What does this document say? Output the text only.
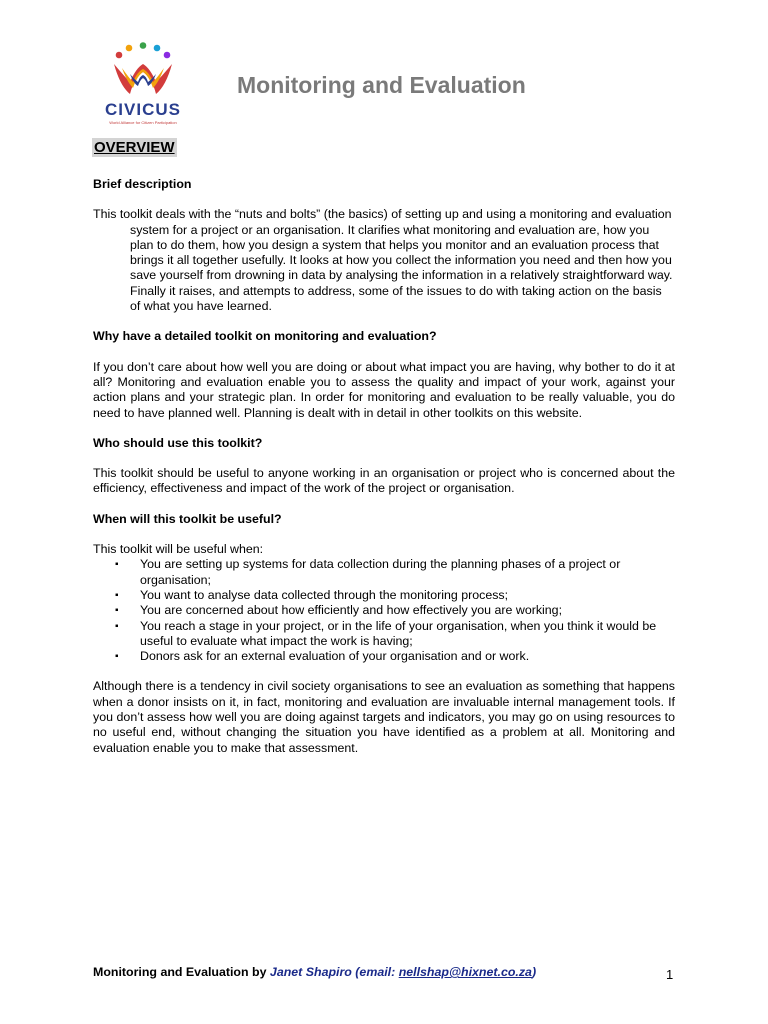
CIVICUS
World Alliance for Citizen Participation
Monitoring and Evaluation
OVERVIEW
Brief description

This toolkit deals with the “nuts and bolts” (the basics) of setting up and using a monitoring and evaluation system for a project or an organisation. It clarifies what monitoring and evaluation are, how you plan to do them, how you design a system that helps you monitor and an evaluation process that brings it all together usefully. It looks at how you collect the information you need and then how you save yourself from drowning in data by analysing the information in a relatively straightforward way. Finally it raises, and attempts to address, some of the issues to do with taking action on the basis of what you have learned.

Why have a detailed toolkit on monitoring and evaluation?

If you don’t care about how well you are doing or about what impact you are having, why bother to do it at all? Monitoring and evaluation enable you to assess the quality and impact of your work, against your action plans and your strategic plan. In order for monitoring and evaluation to be really valuable, you do need to have planned well. Planning is dealt with in detail in other toolkits on this website.

Who should use this toolkit?

This toolkit should be useful to anyone working in an organisation or project who is concerned about the efficiency, effectiveness and impact of the work of the project or organisation.

When will this toolkit be useful?

This toolkit will be useful when:

▪ You are setting up systems for data collection during the planning phases of a project or organisation;
▪ You want to analyse data collected through the monitoring process;
▪ You are concerned about how efficiently and how effectively you are working;
▪ You reach a stage in your project, or in the life of your organisation, when you think it would be useful to evaluate what impact the work is having;
▪ Donors ask for an external evaluation of your organisation and or work.

Although there is a tendency in civil society organisations to see an evaluation as something that happens when a donor insists on it, in fact, monitoring and evaluation are invaluable internal management tools. If you don’t assess how well you are doing against targets and indicators, you may go on using resources to no useful end, without changing the situation you have identified as a problem at all. Monitoring and evaluation enable you to make that assessment.

Monitoring and Evaluation by Janet Shapiro (email: nellshap@hixnet.co.za)	1
